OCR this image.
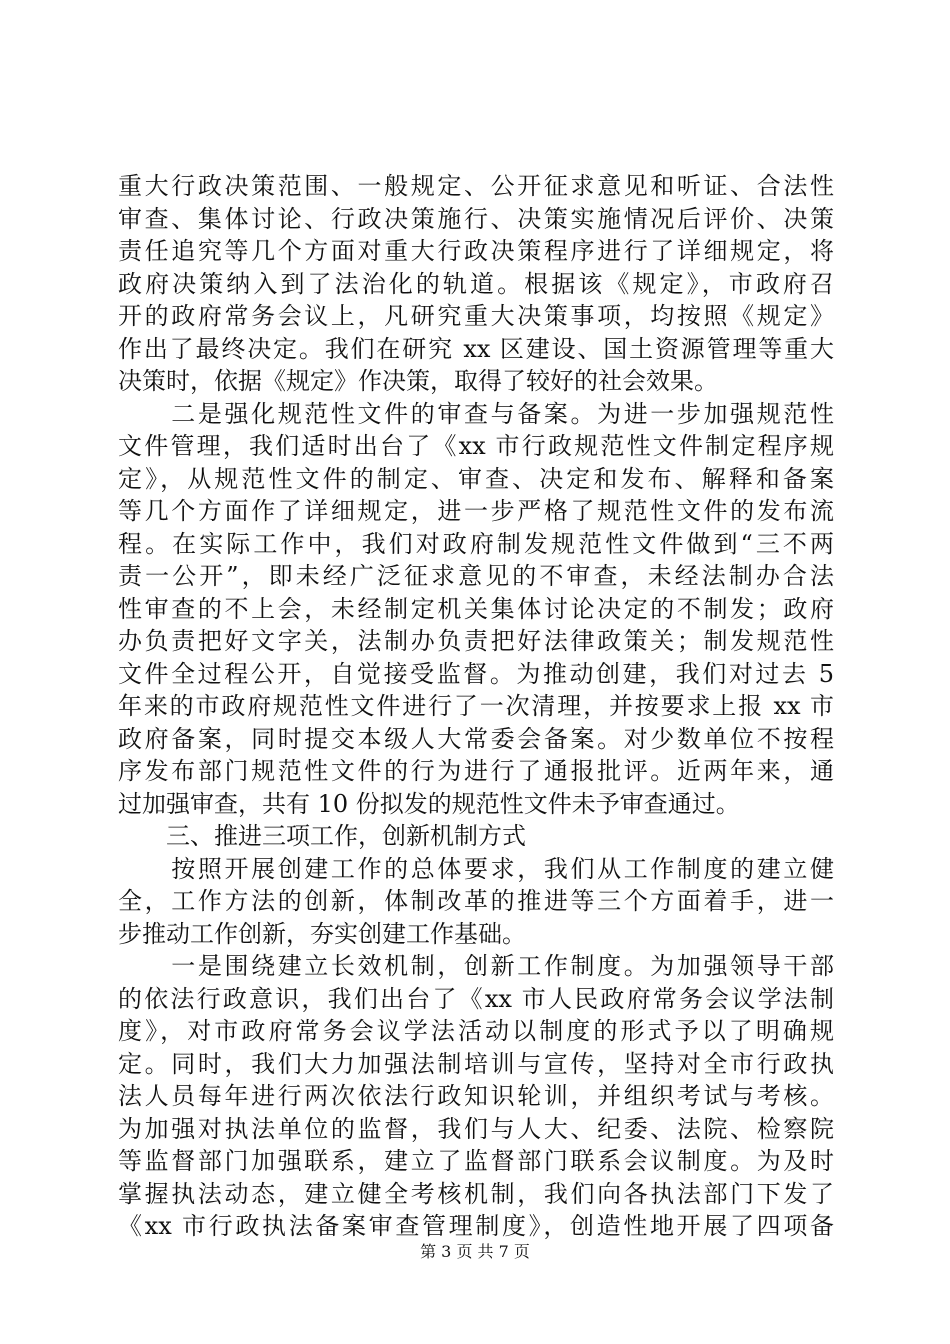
重大行政决策范围、一般规定、公开征求意见和听证、合法性
审查、集体讨论、行政决策施行、决策实施情况后评价、决策
责任追究等几个方面对重大行政决策程序进行了详细规定，将
政府决策纳入到了法治化的轨道。根据该《规定》，市政府召
开的政府常务会议上，凡研究重大决策事项，均按照《规定》
作出了最终决定。我们在研究 xx 区建设、国土资源管理等重大
决策时，依据《规定》作决策，取得了较好的社会效果。
　　二是强化规范性文件的审查与备案。为进一步加强规范性
文件管理，我们适时出台了《xx 市行政规范性文件制定程序规
定》，从规范性文件的制定、审查、决定和发布、解释和备案
等几个方面作了详细规定，进一步严格了规范性文件的发布流
程。在实际工作中，我们对政府制发规范性文件做到“三不两
责一公开”，即未经广泛征求意见的不审查，未经法制办合法
性审查的不上会，未经制定机关集体讨论决定的不制发；政府
办负责把好文字关，法制办负责把好法律政策关；制发规范性
文件全过程公开，自觉接受监督。为推动创建，我们对过去 5
年来的市政府规范性文件进行了一次清理，并按要求上报 xx 市
政府备案，同时提交本级人大常委会备案。对少数单位不按程
序发布部门规范性文件的行为进行了通报批评。近两年来，通
过加强审查，共有 10 份拟发的规范性文件未予审查通过。
　　三、推进三项工作，创新机制方式
　　按照开展创建工作的总体要求，我们从工作制度的建立健
全，工作方法的创新，体制改革的推进等三个方面着手，进一
步推动工作创新，夯实创建工作基础。
　　一是围绕建立长效机制，创新工作制度。为加强领导干部
的依法行政意识，我们出台了《xx 市人民政府常务会议学法制
度》，对市政府常务会议学法活动以制度的形式予以了明确规
定。同时，我们大力加强法制培训与宣传，坚持对全市行政执
法人员每年进行两次依法行政知识轮训，并组织考试与考核。
为加强对执法单位的监督，我们与人大、纪委、法院、检察院
等监督部门加强联系，建立了监督部门联系会议制度。为及时
掌握执法动态，建立健全考核机制，我们向各执法部门下发了
《xx 市行政执法备案审查管理制度》，创造性地开展了四项备
第 3 页 共 7 页
